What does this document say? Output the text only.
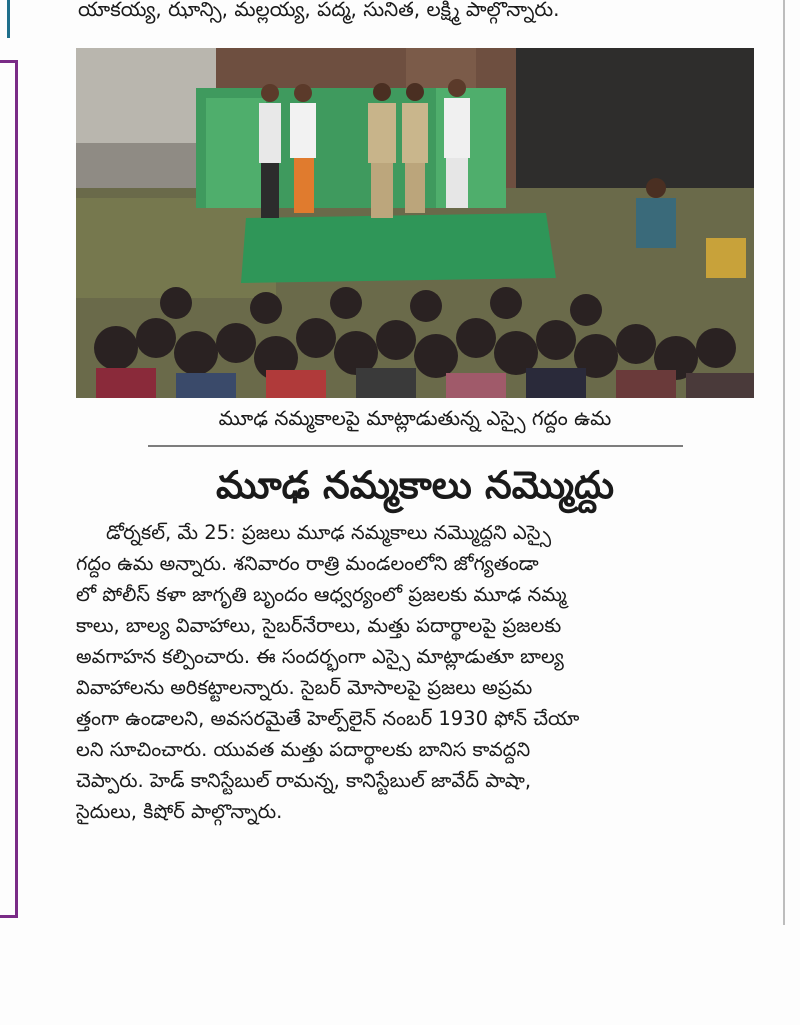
యాకయ్య, ఝాన్సి, మల్లయ్య, పద్మ, సునిత, లక్ష్మి పాల్గొన్నారు.
మూఢ నమ్మకాలపై మాట్లాడుతున్న ఎస్సై గద్దం ఉమ
మూఢ నమ్మకాలు నమ్మొద్దు
డోర్నకల్‌, మే 25: ప్రజలు మూఢ నమ్మకాలు నమ్మొద్దని ఎస్సై
గద్దం ఉమ అన్నారు. శనివారం రాత్రి మండలంలోని జోగ్యతండా
లో పోలీస్‌ కళా జాగృతి బృందం ఆధ్వర్యంలో ప్రజలకు మూఢ నమ్మ
కాలు, బాల్య వివాహాలు, సైబర్‌నేరాలు, మత్తు పదార్థాలపై ప్రజలకు
అవగాహన కల్పించారు. ఈ సందర్భంగా ఎస్సై మాట్లాడుతూ బాల్య
వివాహాలను అరికట్టాలన్నారు. సైబర్‌ మోసాలపై ప్రజలు అప్రమ
త్తంగా ఉండాలని, అవసరమైతే హెల్ప్‌లైన్‌ నంబర్‌ 1930 ఫోన్‌ చేయా
లని సూచించారు. యువత మత్తు పదార్థాలకు బానిస కావద్దని
చెప్పారు. హెడ్‌ కానిస్టేబుల్‌ రామన్న, కానిస్టేబుల్‌ జావేద్‌ పాషా,
సైదులు, కిషోర్‌ పాల్గొన్నారు.
